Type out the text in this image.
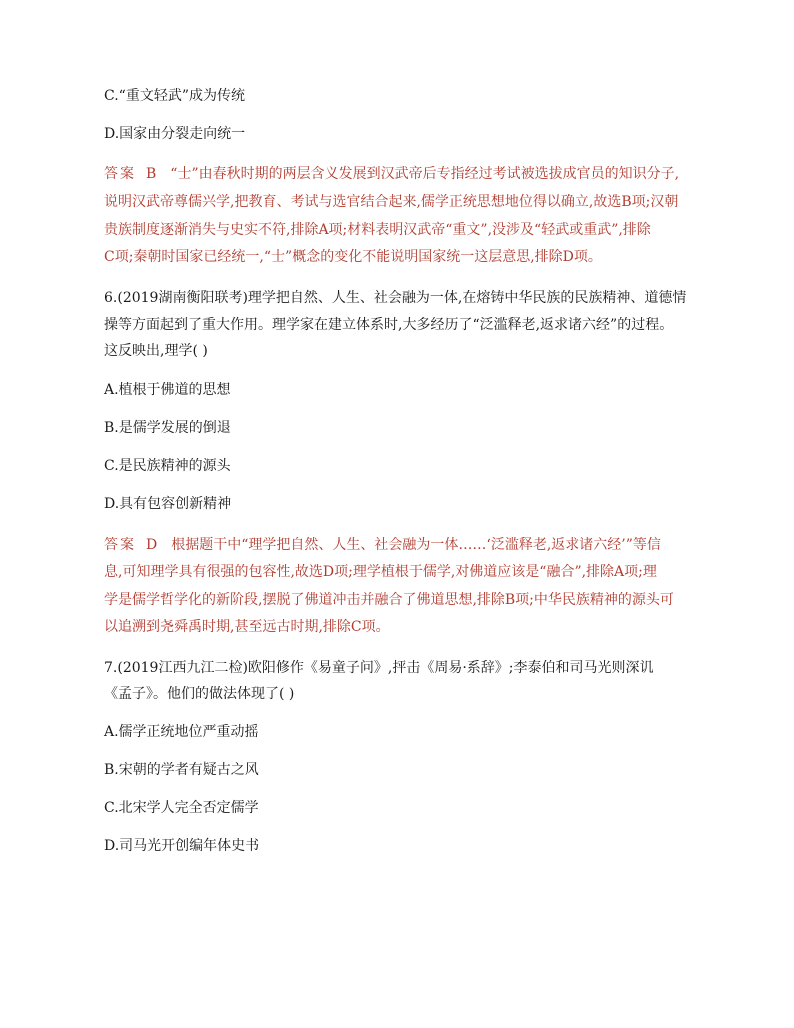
C.“重文轻武”成为传统
D.国家由分裂走向统一
答案 B “士”由春秋时期的两层含义发展到汉武帝后专指经过考试被选拔成官员的知识分子,
说明汉武帝尊儒兴学,把教育、考试与选官结合起来,儒学正统思想地位得以确立,故选B项;汉朝
贵族制度逐渐消失与史实不符,排除A项;材料表明汉武帝“重文”,没涉及“轻武或重武”,排除
C项;秦朝时国家已经统一,“士”概念的变化不能说明国家统一这层意思,排除D项。
6.(2019湖南衡阳联考)理学把自然、人生、社会融为一体,在熔铸中华民族的民族精神、道德情
操等方面起到了重大作用。理学家在建立体系时,大多经历了“泛滥释老,返求诸六经”的过程。
这反映出,理学( )
A.植根于佛道的思想
B.是儒学发展的倒退
C.是民族精神的源头
D.具有包容创新精神
答案 D 根据题干中“理学把自然、人生、社会融为一体……‘泛滥释老,返求诸六经’”等信
息,可知理学具有很强的包容性,故选D项;理学植根于儒学,对佛道应该是“融合”,排除A项;理
学是儒学哲学化的新阶段,摆脱了佛道冲击并融合了佛道思想,排除B项;中华民族精神的源头可
以追溯到尧舜禹时期,甚至远古时期,排除C项。
7.(2019江西九江二检)欧阳修作《易童子问》,抨击《周易·系辞》;李泰伯和司马光则深讥
《孟子》。他们的做法体现了( )
A.儒学正统地位严重动摇
B.宋朝的学者有疑古之风
C.北宋学人完全否定儒学
D.司马光开创编年体史书
